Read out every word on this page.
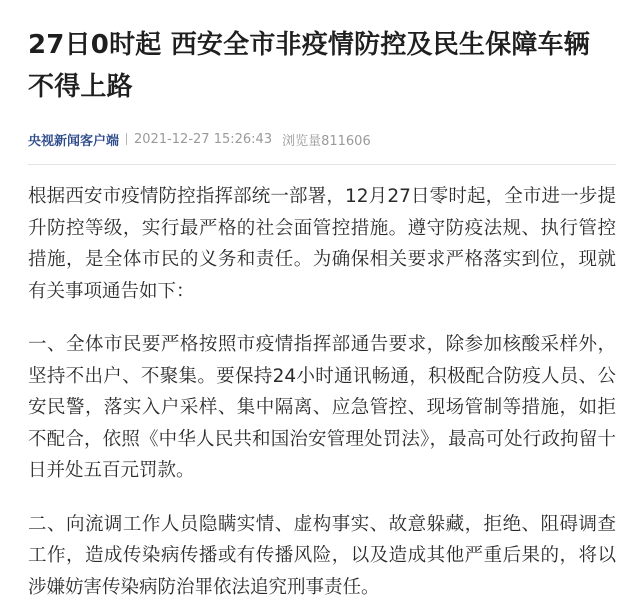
27日0时起 西安全市非疫情防控及民生保障车辆不得上路
央视新闻客户端 2021-12-27 15:26:43 浏览量811606

根据西安市疫情防控指挥部统一部署，12月27日零时起，全市进一步提升防控等级，实行最严格的社会面管控措施。遵守防疫法规、执行管控措施，是全体市民的义务和责任。为确保相关要求严格落实到位，现就有关事项通告如下：

一、全体市民要严格按照市疫情指挥部通告要求，除参加核酸采样外，坚持不出户、不聚集。要保持24小时通讯畅通，积极配合防疫人员、公安民警，落实入户采样、集中隔离、应急管控、现场管制等措施，如拒不配合，依照《中华人民共和国治安管理处罚法》，最高可处行政拘留十日并处五百元罚款。

二、向流调工作人员隐瞒实情、虚构事实、故意躲藏，拒绝、阻碍调查工作，造成传染病传播或有传播风险，以及造成其他严重后果的，将以涉嫌妨害传染病防治罪依法追究刑事责任。
